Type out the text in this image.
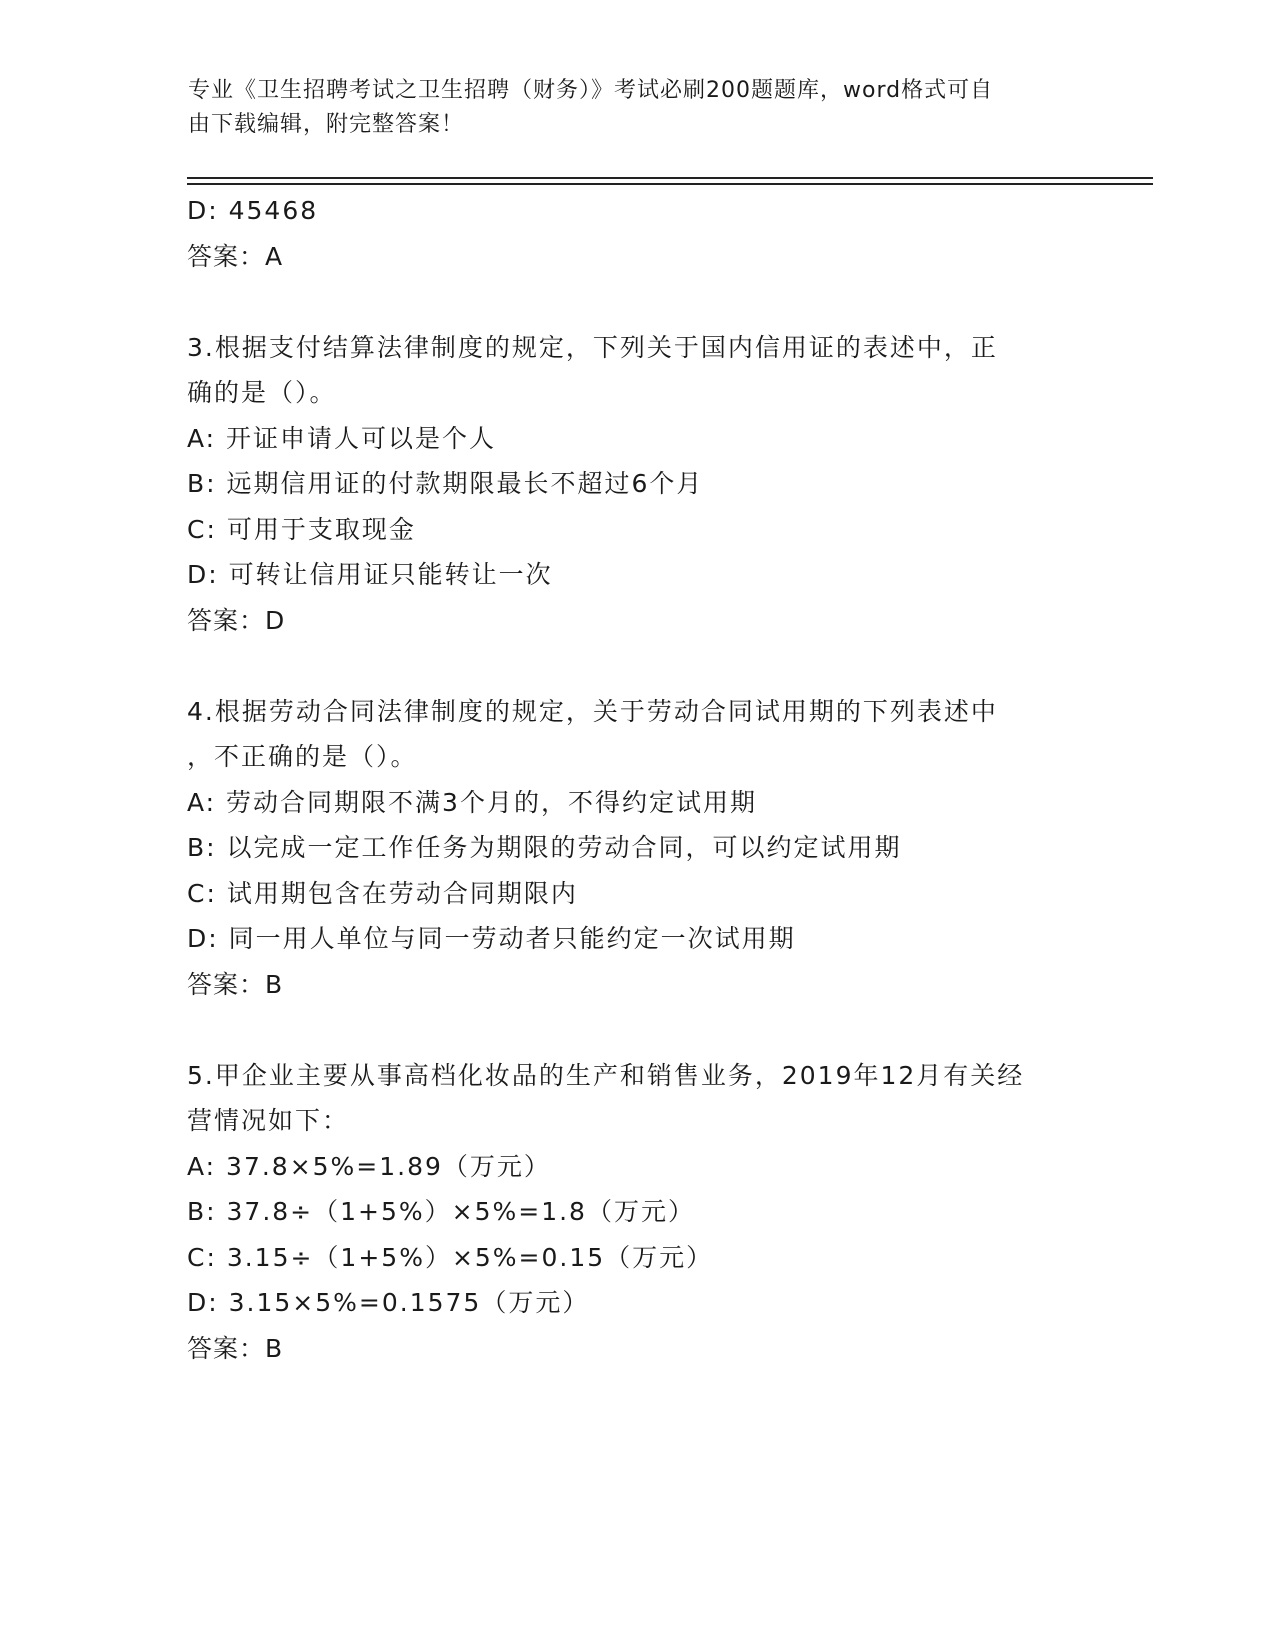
专业《卫生招聘考试之卫生招聘（财务）》考试必刷200题题库，word格式可自
由下载编辑，附完整答案！
D: 45468
答案：A
3.根据支付结算法律制度的规定，下列关于国内信用证的表述中，正
确的是（）。
A: 开证申请人可以是个人
B: 远期信用证的付款期限最长不超过6个月
C: 可用于支取现金
D: 可转让信用证只能转让一次
答案：D
4.根据劳动合同法律制度的规定，关于劳动合同试用期的下列表述中
，不正确的是（）。
A: 劳动合同期限不满3个月的，不得约定试用期
B: 以完成一定工作任务为期限的劳动合同，可以约定试用期
C: 试用期包含在劳动合同期限内
D: 同一用人单位与同一劳动者只能约定一次试用期
答案：B
5.甲企业主要从事高档化妆品的生产和销售业务，2019年12月有关经
营情况如下：
A: 37.8×5%=1.89（万元）
B: 37.8÷（1+5%）×5%=1.8（万元）
C: 3.15÷（1+5%）×5%=0.15（万元）
D: 3.15×5%=0.1575（万元）
答案：B
